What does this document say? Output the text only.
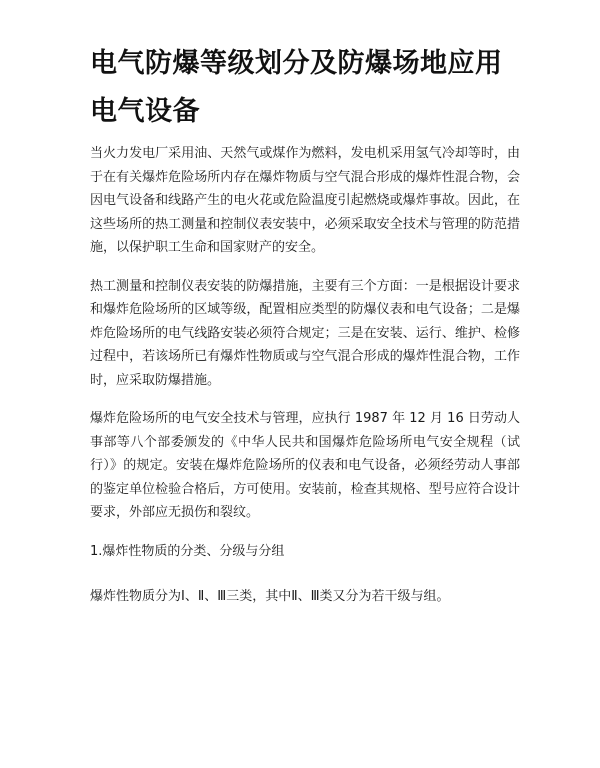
电气防爆等级划分及防爆场地应用电气设备

当火力发电厂采用油、天然气或煤作为燃料，发电机采用氢气冷却等时，由于在有关爆炸危险场所内存在爆炸物质与空气混合形成的爆炸性混合物，会因电气设备和线路产生的电火花或危险温度引起燃烧或爆炸事故。因此，在这些场所的热工测量和控制仪表安装中，必须采取安全技术与管理的防范措施，以保护职工生命和国家财产的安全。

热工测量和控制仪表安装的防爆措施，主要有三个方面：一是根据设计要求和爆炸危险场所的区域等级，配置相应类型的防爆仪表和电气设备；二是爆炸危险场所的电气线路安装必须符合规定；三是在安装、运行、维护、检修过程中，若该场所已有爆炸性物质或与空气混合形成的爆炸性混合物，工作时，应采取防爆措施。

爆炸危险场所的电气安全技术与管理，应执行 1987 年 12 月 16 日劳动人事部等八个部委颁发的《中华人民共和国爆炸危险场所电气安全规程（试行）》的规定。安装在爆炸危险场所的仪表和电气设备，必须经劳动人事部的鉴定单位检验合格后，方可使用。安装前，检查其规格、型号应符合设计要求，外部应无损伤和裂纹。

1.爆炸性物质的分类、分级与分组

爆炸性物质分为Ⅰ、Ⅱ、Ⅲ三类，其中Ⅱ、Ⅲ类又分为若干级与组。
